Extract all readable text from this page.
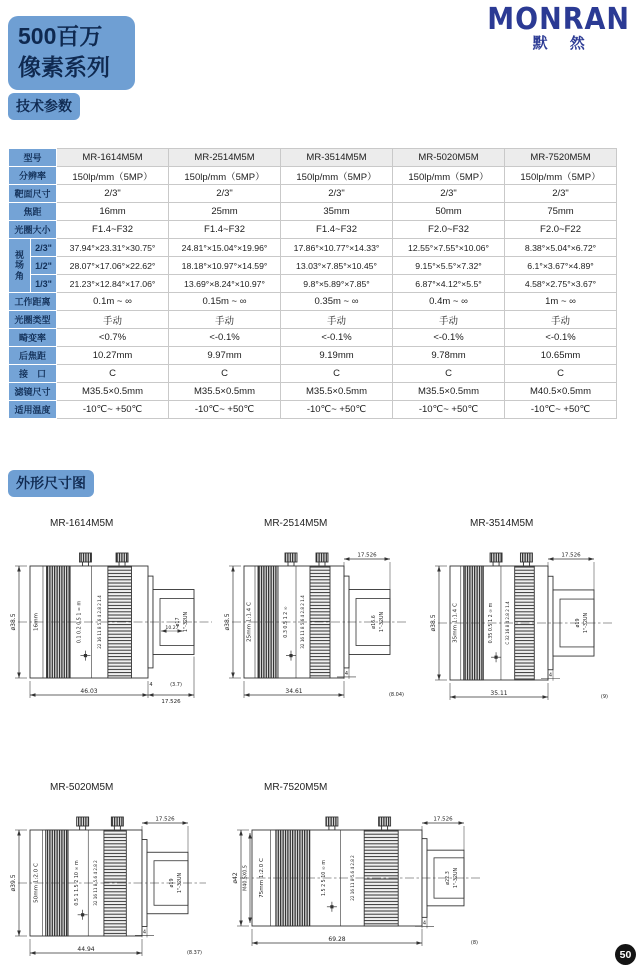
500百万
像素系列
MONRAN
默 然
技术参数
型号		MR-1614M5M	MR-2514M5M	MR-3514M5M	MR-5020M5M	MR-7520M5M
分辨率		150lp/mm（5MP）	150lp/mm（5MP）	150lp/mm（5MP）	150lp/mm（5MP）	150lp/mm（5MP）
靶面尺寸		2/3"	2/3"	2/3"	2/3"	2/3"
焦距		16mm	25mm	35mm	50mm	75mm
光圈大小		F1.4~F32	F1.4~F32	F1.4~F32	F2.0~F32	F2.0~F22
视场角	2/3"	37.94°×23.31°×30.75°	24.81°×15.04°×19.96°	17.86°×10.77°×14.33°	12.55°×7.55°×10.06°	8.38°×5.04°×6.72°
	1/2"	28.07°×17.06°×22.62°	18.18°×10.97°×14.59°	13.03°×7.85°×10.45°	9.15°×5.5°×7.32°	6.1°×3.67°×4.89°
	1/3"	21.23°×12.84°×17.06°	13.69°×8.24°×10.97°	9.8°×5.89°×7.85°	6.87°×4.12°×5.5°	4.58°×2.75°×3.67°
工作距离		0.1m ~ ∞	0.15m ~ ∞	0.35m ~ ∞	0.4m ~ ∞	1m ~ ∞
光圈类型		手动	手动	手动	手动	手动
畸变率		<0.7%	<-0.1%	<-0.1%	<-0.1%	<-0.1%
后焦距		10.27mm	9.97mm	9.19mm	9.78mm	10.65mm
接　口		C	C	C	C	C
滤镜尺寸		M35.5×0.5mm	M35.5×0.5mm	M35.5×0.5mm	M35.5×0.5mm	M40.5×0.5mm
适用温度		-10℃~ +50℃	-10℃~ +50℃	-10℃~ +50℃	-10℃~ +50℃	-10℃~ +50℃
外形尺寸图
MR-1614M5M
16mm	0.1 0.2 0.5 1 ∞ m	22 16 11 8 5.6 4 2.8 2 1.4	ø17 1"-32UN
ø38.5
46.03
17.526
4	(3.7)
10.27
MR-2514M5M
25mm 1:1.4 C	0.3 0.5 1 2 ∞	32 16 11 8 5.6 4 2.8 2 1.4	ø16.6 1"-32UN
ø38.5
34.61
17.526
4
(8.04)
MR-3514M5M
35mm 1:1.4 C	0.35 0.5 1 2 ∞ m	C 32 16 8 4 2.8 2 1.4	ø19 1"-32UN
ø38.5
35.11
17.526
4
(9)
MR-5020M5M
50mm 1:2.0 C	0.5 1 1.5 2 10 ∞ m	32 16 11 8 5.6 4 2.8 2	ø19 1"-32UN
ø39.5
44.94
17.526
4
(8.37)
MR-7520M5M
75mm 1:2.0 C	1.5 2 5 10 ∞ m	22 16 11 8 5.6 4 2.8 2	ø22.3 1"-32UN
ø42 M40.5X0.5
69.28
17.526
4
(8)
50
